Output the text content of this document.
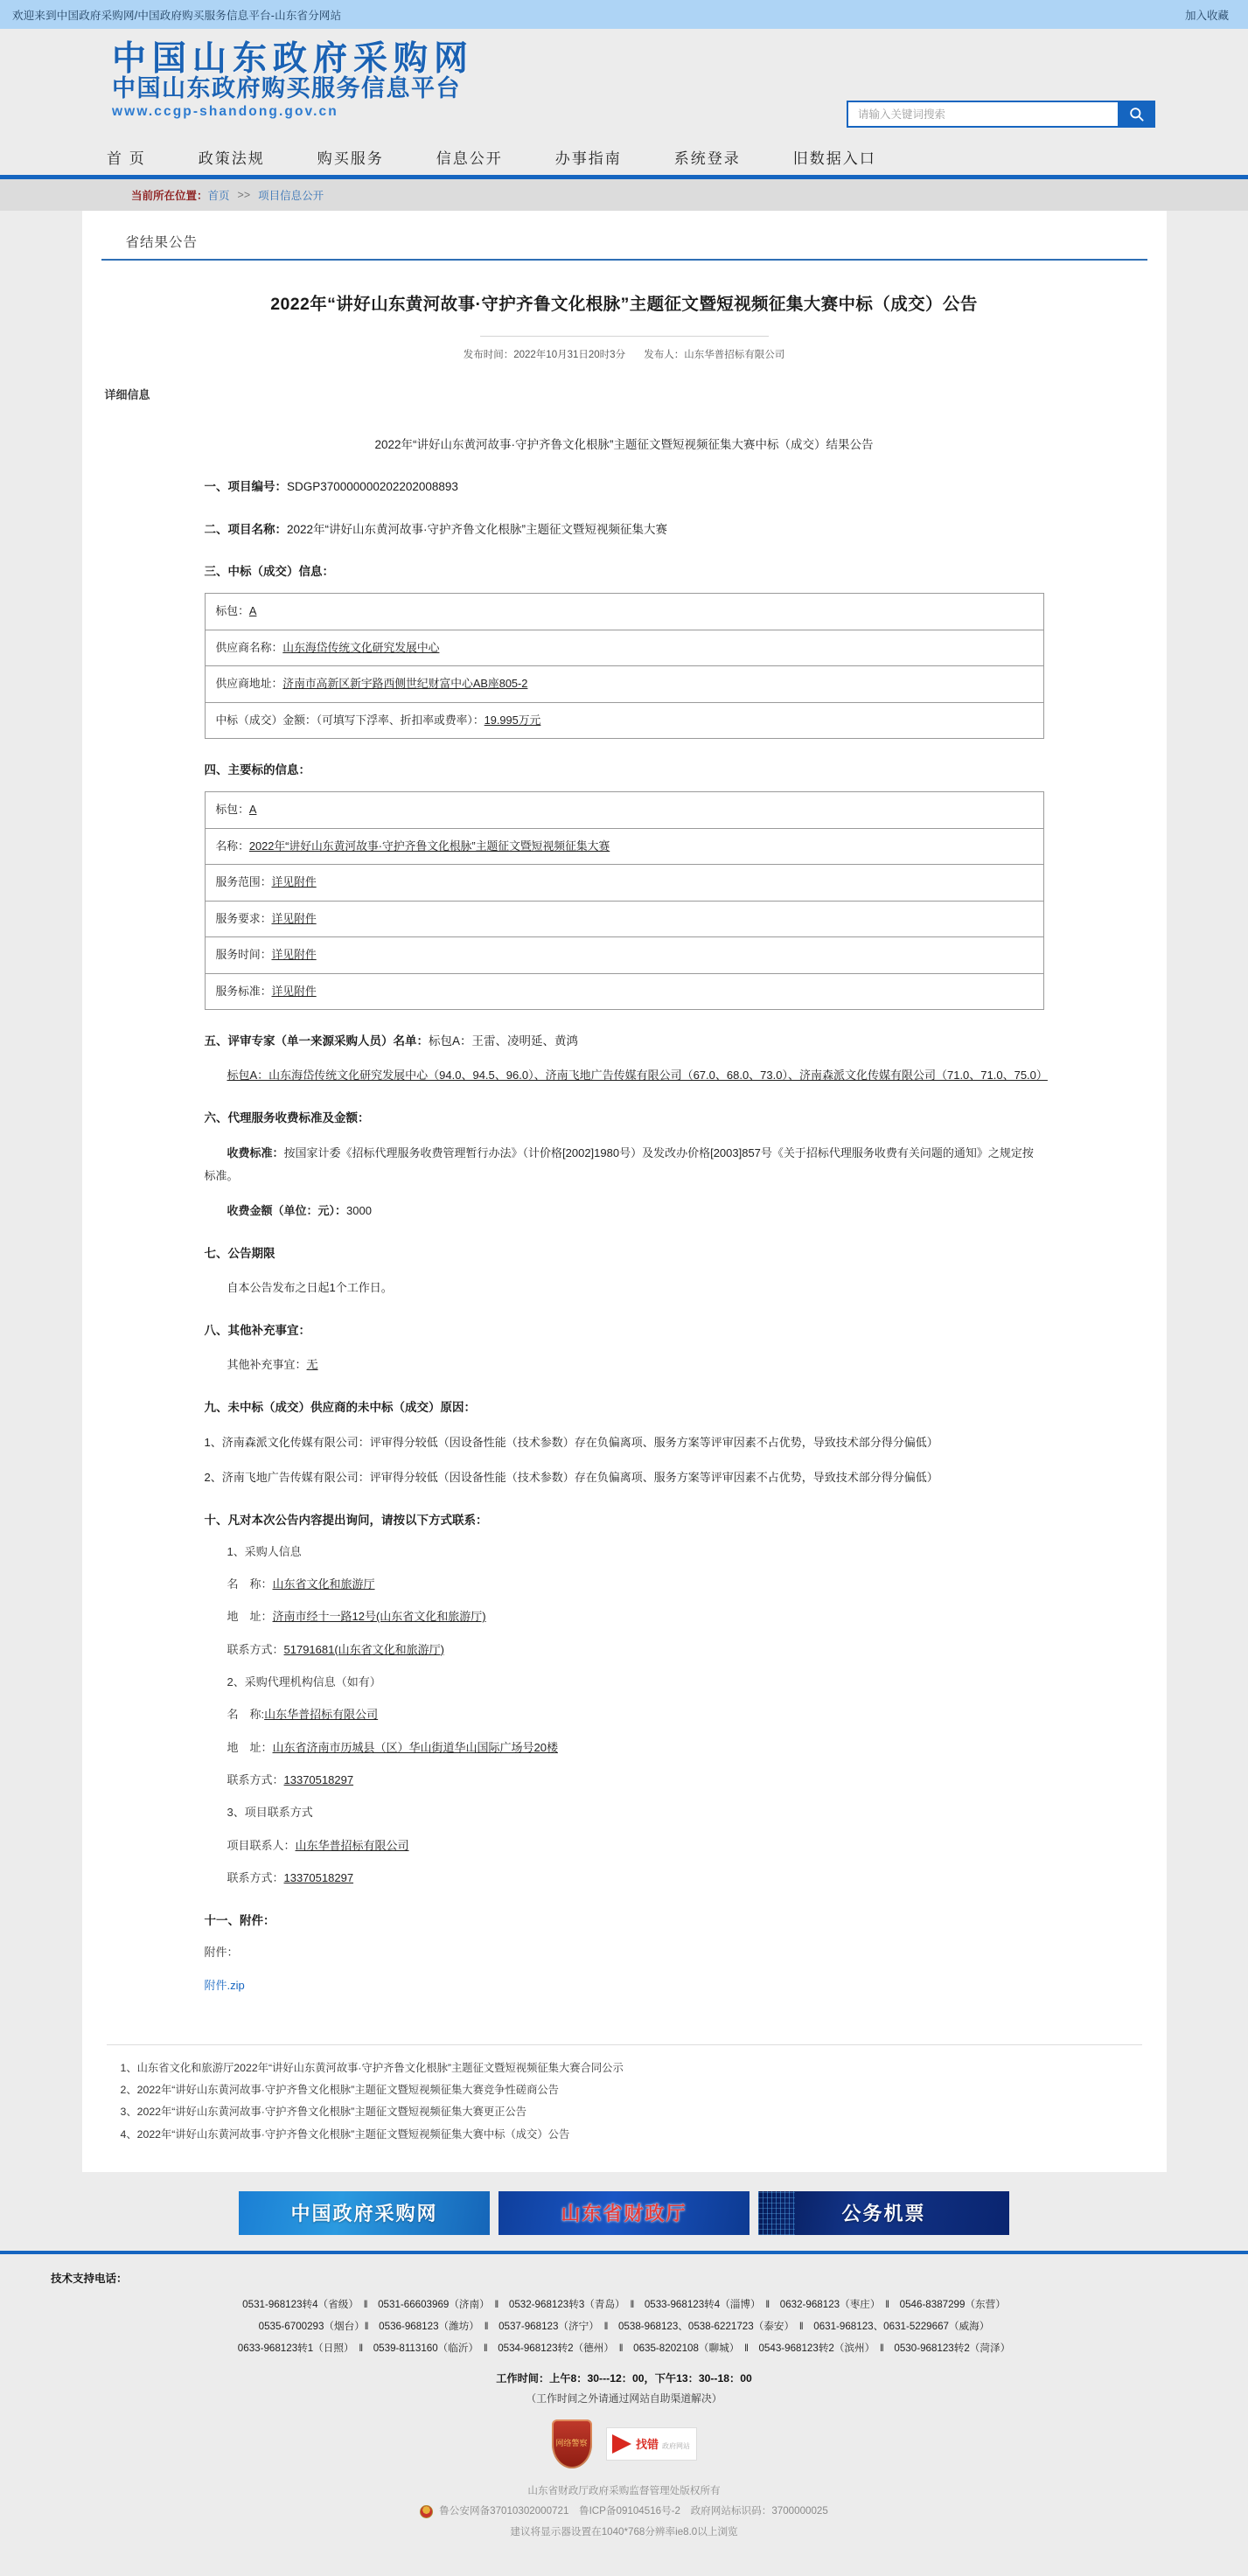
欢迎来到中国政府采购网/中国政府购买服务信息平台-山东省分网站	加入收藏
中国山东政府采购网
中国山东政府购买服务信息平台
www.ccgp-shandong.gov.cn
请输入关键词搜索
首 页	政策法规	购买服务	信息公开	办事指南	系统登录	旧数据入口
当前所在位置： 首页 >> 项目信息公开
省结果公告
2022年“讲好山东黄河故事·守护齐鲁文化根脉”主题征文暨短视频征集大赛中标（成交）公告
发布时间：2022年10月31日20时3分 发布人：山东华普招标有限公司
详细信息
2022年“讲好山东黄河故事·守护齐鲁文化根脉”主题征文暨短视频征集大赛中标（成交）结果公告
一、项目编号：SDGP370000000202202008893
二、项目名称：2022年“讲好山东黄河故事·守护齐鲁文化根脉”主题征文暨短视频征集大赛
三、中标（成交）信息：
标包：A
供应商名称：山东海岱传统文化研究发展中心
供应商地址：济南市高新区新宇路西侧世纪财富中心AB座805-2
中标（成交）金额：（可填写下浮率、折扣率或费率）：19.995万元
四、主要标的信息：
标包：A
名称：2022年“讲好山东黄河故事·守护齐鲁文化根脉”主题征文暨短视频征集大赛
服务范围：详见附件
服务要求：详见附件
服务时间：详见附件
服务标准：详见附件
五、评审专家（单一来源采购人员）名单：标包A：王雷、凌明延、黄鸿
标包A：山东海岱传统文化研究发展中心（94.0、94.5、96.0）、济南飞地广告传媒有限公司（67.0、68.0、73.0）、济南森派文化传媒有限公司（71.0、71.0、75.0）
六、代理服务收费标准及金额：
收费标准：按国家计委《招标代理服务收费管理暂行办法》（计价格[2002]1980号）及发改办价格[2003]857号《关于招标代理服务收费有关问题的通知》之规定按标准。
收费金额（单位：元）：3000
七、公告期限
自本公告发布之日起1个工作日。
八、其他补充事宜：
其他补充事宜：无
九、未中标（成交）供应商的未中标（成交）原因：
1、济南森派文化传媒有限公司：评审得分较低（因设备性能（技术参数）存在负偏离项、服务方案等评审因素不占优势，导致技术部分得分偏低）
2、济南飞地广告传媒有限公司：评审得分较低（因设备性能（技术参数）存在负偏离项、服务方案等评审因素不占优势，导致技术部分得分偏低）
十、凡对本次公告内容提出询问，请按以下方式联系：
1、采购人信息
名　称：山东省文化和旅游厅
地　址：济南市经十一路12号(山东省文化和旅游厅)
联系方式：51791681(山东省文化和旅游厅)
2、采购代理机构信息（如有）
名　称:山东华普招标有限公司
地　址：山东省济南市历城县（区）华山街道华山国际广场号20楼
联系方式：13370518297
3、项目联系方式
项目联系人：山东华普招标有限公司
联系方式：13370518297
十一、附件：
附件：
附件.zip
1、山东省文化和旅游厅2022年“讲好山东黄河故事·守护齐鲁文化根脉”主题征文暨短视频征集大赛合同公示
2、2022年“讲好山东黄河故事·守护齐鲁文化根脉”主题征文暨短视频征集大赛竞争性磋商公告
3、2022年“讲好山东黄河故事·守护齐鲁文化根脉”主题征文暨短视频征集大赛更正公告
4、2022年“讲好山东黄河故事·守护齐鲁文化根脉”主题征文暨短视频征集大赛中标（成交）公告
中国政府采购网	山东省财政厅	公务机票
技术支持电话：
0531-968123转4（省级）　‖　0531-66603969（济南）　‖　0532-968123转3（青岛）　‖　0533-968123转4（淄博）　‖　0632-968123（枣庄）　‖　0546-8387299（东营）
0535-6700293（烟台）‖　0536-968123（潍坊）　‖　0537-968123（济宁）　‖　0538-968123、0538-6221723（泰安）　‖　0631-968123、0631-5229667（威海）
0633-968123转1（日照）　‖　0539-8113160（临沂）　‖　0534-968123转2（德州）　‖　0635-8202108（聊城）　‖　0543-968123转2（滨州）　‖　0530-968123转2（菏泽）
工作时间：上午8：30---12：00，下午13：30--18：00
（工作时间之外请通过网站自助渠道解决）
网络警察	找错 政府网站
山东省财政厅政府采购监督管理处版权所有
鲁公安网备37010302000721　鲁ICP备09104516号-2　政府网站标识码：3700000025
建议将显示器设置在1040*768分辨率ie8.0以上浏览
